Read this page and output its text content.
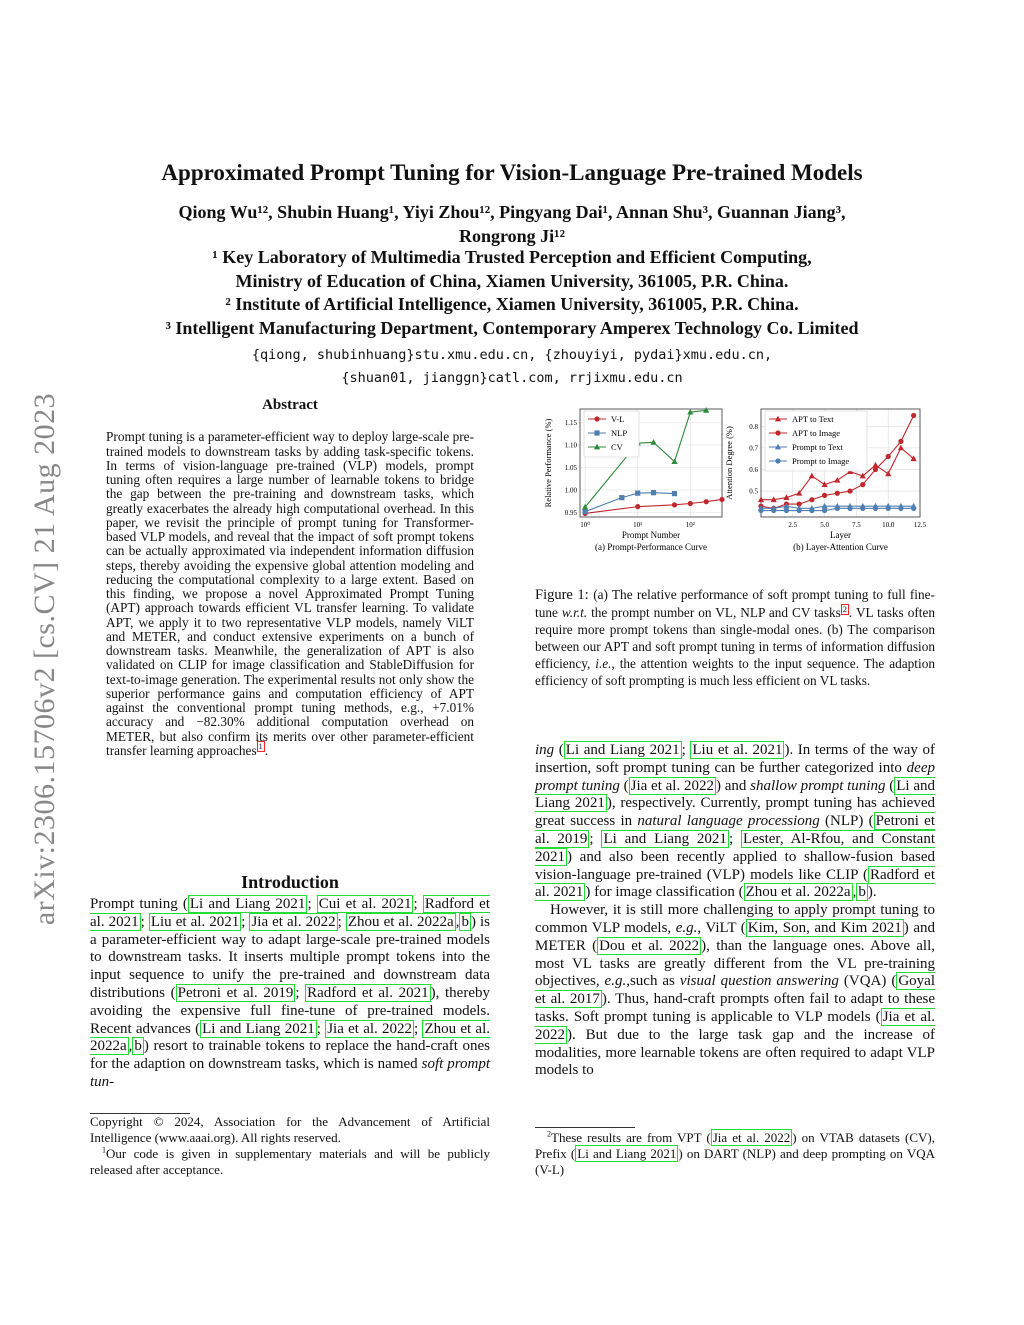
arXiv:2306.15706v2 [cs.CV] 21 Aug 2023
Approximated Prompt Tuning for Vision-Language Pre-trained Models
Qiong Wu¹², Shubin Huang¹, Yiyi Zhou¹², Pingyang Dai¹, Annan Shu³, Guannan Jiang³,
Rongrong Ji¹²
¹ Key Laboratory of Multimedia Trusted Perception and Efficient Computing,
Ministry of Education of China, Xiamen University, 361005, P.R. China.
² Institute of Artificial Intelligence, Xiamen University, 361005, P.R. China.
³ Intelligent Manufacturing Department, Contemporary Amperex Technology Co. Limited
{qiong, shubinhuang}stu.xmu.edu.cn, {zhouyiyi, pydai}xmu.edu.cn,
{shuan01, jianggn}catl.com, rrjixmu.edu.cn
Abstract

Prompt tuning is a parameter-efficient way to deploy large-scale pre-trained models to downstream tasks by adding task-specific tokens. In terms of vision-language pre-trained (VLP) models, prompt tuning often requires a large number of learnable tokens to bridge the gap between the pre-training and downstream tasks, which greatly exacerbates the already high computational overhead. In this paper, we revisit the principle of prompt tuning for Transformer-based VLP models, and reveal that the impact of soft prompt tokens can be actually approximated via independent information diffusion steps, thereby avoiding the expensive global attention modeling and reducing the computational complexity to a large extent. Based on this finding, we propose a novel Approximated Prompt Tuning (APT) approach towards efficient VL transfer learning. To validate APT, we apply it to two representative VLP models, namely ViLT and METER, and conduct extensive experiments on a bunch of downstream tasks. Meanwhile, the generalization of APT is also validated on CLIP for image classification and StableDiffusion for text-to-image generation. The experimental results not only show the superior performance gains and computation efficiency of APT against the conventional prompt tuning methods, e.g., +7.01% accuracy and −82.30% additional computation overhead on METER, but also confirm its merits over other parameter-efficient transfer learning approaches $^1$ .

Introduction

Prompt tuning ( Li and Liang 2021 ; Cui et al. 2021 ; Radford et al. 2021 ; Liu et al. 2021 ; Jia et al. 2022 ; Zhou et al. 2022a , b ) is a parameter-efficient way to adapt large-scale pre-trained models to downstream tasks. It inserts multiple prompt tokens into the input sequence to unify the pre-trained and downstream data distributions ( Petroni et al. 2019 ; Radford et al. 2021 ), thereby avoiding the expensive full fine-tune of pre-trained models. Recent advances ( Li and Liang 2021 ; Jia et al. 2022 ; Zhou et al. 2022a , b ) resort to trainable tokens to replace the hand-craft ones for the adaption on downstream tasks, which is named soft prompt tun-

Copyright © 2024, Association for the Advancement of Artificial Intelligence (www.aaai.org). All rights reserved.

$^1$Our code is given in supplementary materials and will be publicly released after acceptance.

0.95
1.00
1.05
1.10
1.15
10⁰	10¹	10²
V-L
NLP
CV
Prompt Number
(a) Prompt-Performance Curve
Relative Performance (%)	0.5
0.6
0.7
0.8
2.5	5.0	7.5	10.0	12.5
APT to Text
APT to Image
Prompt to Text
Prompt to Image
Layer
(b) Layer-Attention Curve
Attention Degree (%)
Figure 1: (a) The relative performance of soft prompt tuning to full fine-tune w.r.t. the prompt number on VL, NLP and CV tasks $^2$ . VL tasks often require more prompt tokens than single-modal ones. (b) The comparison between our APT and soft prompt tuning in terms of information diffusion efficiency, i.e., the attention weights to the input sequence. The adaption efficiency of soft prompting is much less efficient on VL tasks.

ing ( Li and Liang 2021 ; Liu et al. 2021 ). In terms of the way of insertion, soft prompt tuning can be further categorized into deep prompt tuning ( Jia et al. 2022 ) and shallow prompt tuning ( Li and Liang 2021 ), respectively. Currently, prompt tuning has achieved great success in natural language processiong (NLP) ( Petroni et al. 2019 ; Li and Liang 2021 ; Lester, Al-Rfou, and Constant 2021 ) and also been recently applied to shallow-fusion based vision-language pre-trained (VLP) models like CLIP ( Radford et al. 2021 ) for image classification ( Zhou et al. 2022a , b ).

However, it is still more challenging to apply prompt tuning to common VLP models, e.g., ViLT ( Kim, Son, and Kim 2021 ) and METER ( Dou et al. 2022 ), than the language ones. Above all, most VL tasks are greatly different from the VL pre-training objectives, e.g.,such as visual question answering (VQA) ( Goyal et al. 2017 ). Thus, hand-craft prompts often fail to adapt to these tasks. Soft prompt tuning is applicable to VLP models ( Jia et al. 2022 ). But due to the large task gap and the increase of modalities, more learnable tokens are often required to adapt VLP models to

$^2$These results are from VPT ( Jia et al. 2022 ) on VTAB datasets (CV), Prefix ( Li and Liang 2021 ) on DART (NLP) and deep prompting on VQA (V-L)
